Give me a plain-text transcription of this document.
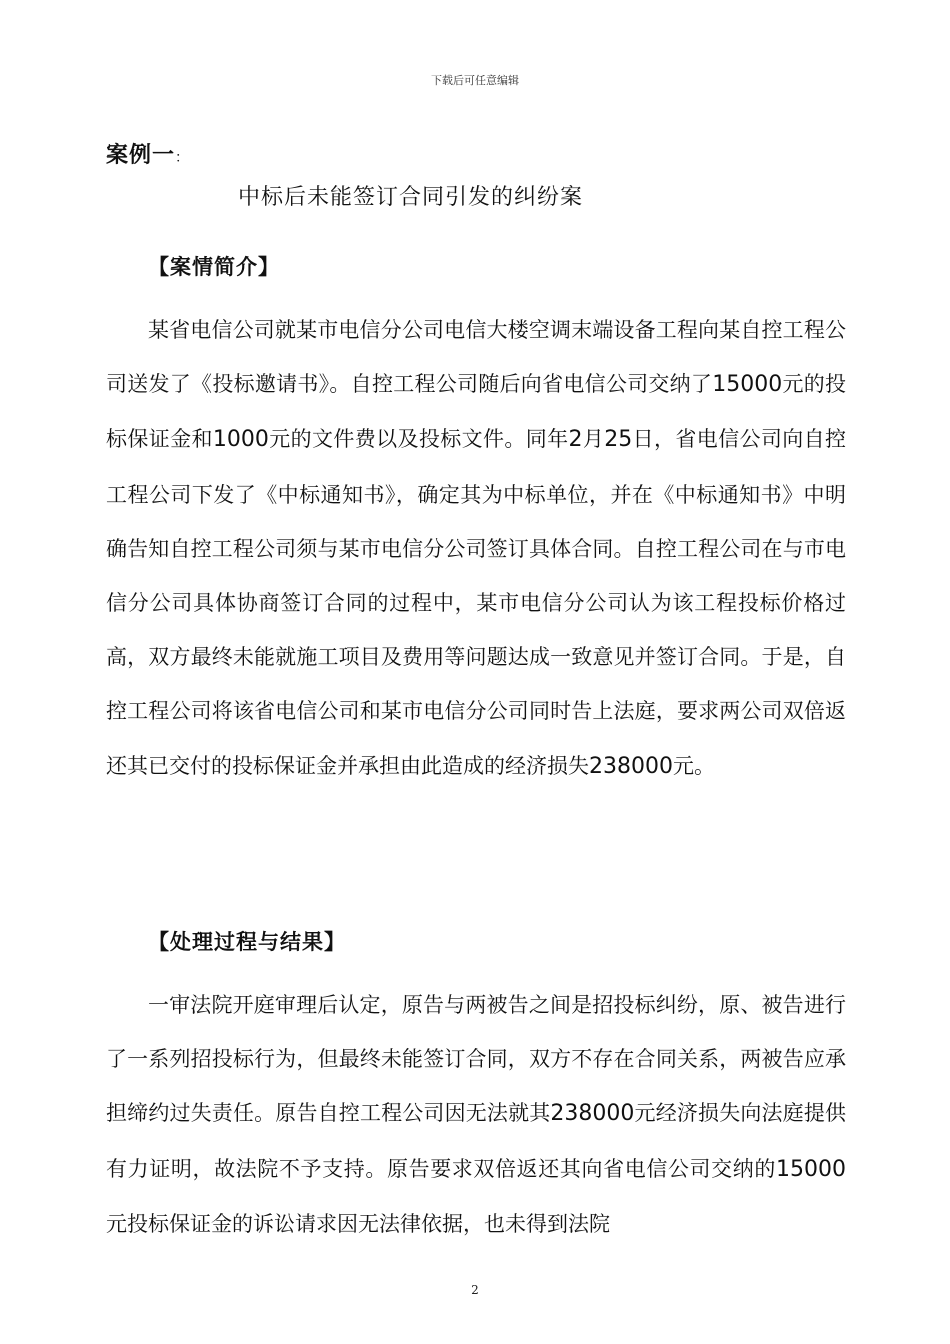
下载后可任意编辑
案例一：
中标后未能签订合同引发的纠纷案
【案情简介】

某省电信公司就某市电信分公司电信大楼空调末端设备工程向某自控工程公司送发了《投标邀请书》。自控工程公司随后向省电信公司交纳了15000元的投标保证金和1000元的文件费以及投标文件。同年2月25日，省电信公司向自控工程公司下发了《中标通知书》，确定其为中标单位，并在《中标通知书》中明确告知自控工程公司须与某市电信分公司签订具体合同。自控工程公司在与市电信分公司具体协商签订合同的过程中，某市电信分公司认为该工程投标价格过高，双方最终未能就施工项目及费用等问题达成一致意见并签订合同。于是，自控工程公司将该省电信公司和某市电信分公司同时告上法庭，要求两公司双倍返还其已交付的投标保证金并承担由此造成的经济损失238000元。

【处理过程与结果】

一审法院开庭审理后认定，原告与两被告之间是招投标纠纷，原、被告进行了一系列招投标行为，但最终未能签订合同，双方不存在合同关系，两被告应承担缔约过失责任。原告自控工程公司因无法就其238000元经济损失向法庭提供有力证明，故法院不予支持。原告要求双倍返还其向省电信公司交纳的15000元投标保证金的诉讼请求因无法律依据，也未得到法院

2
